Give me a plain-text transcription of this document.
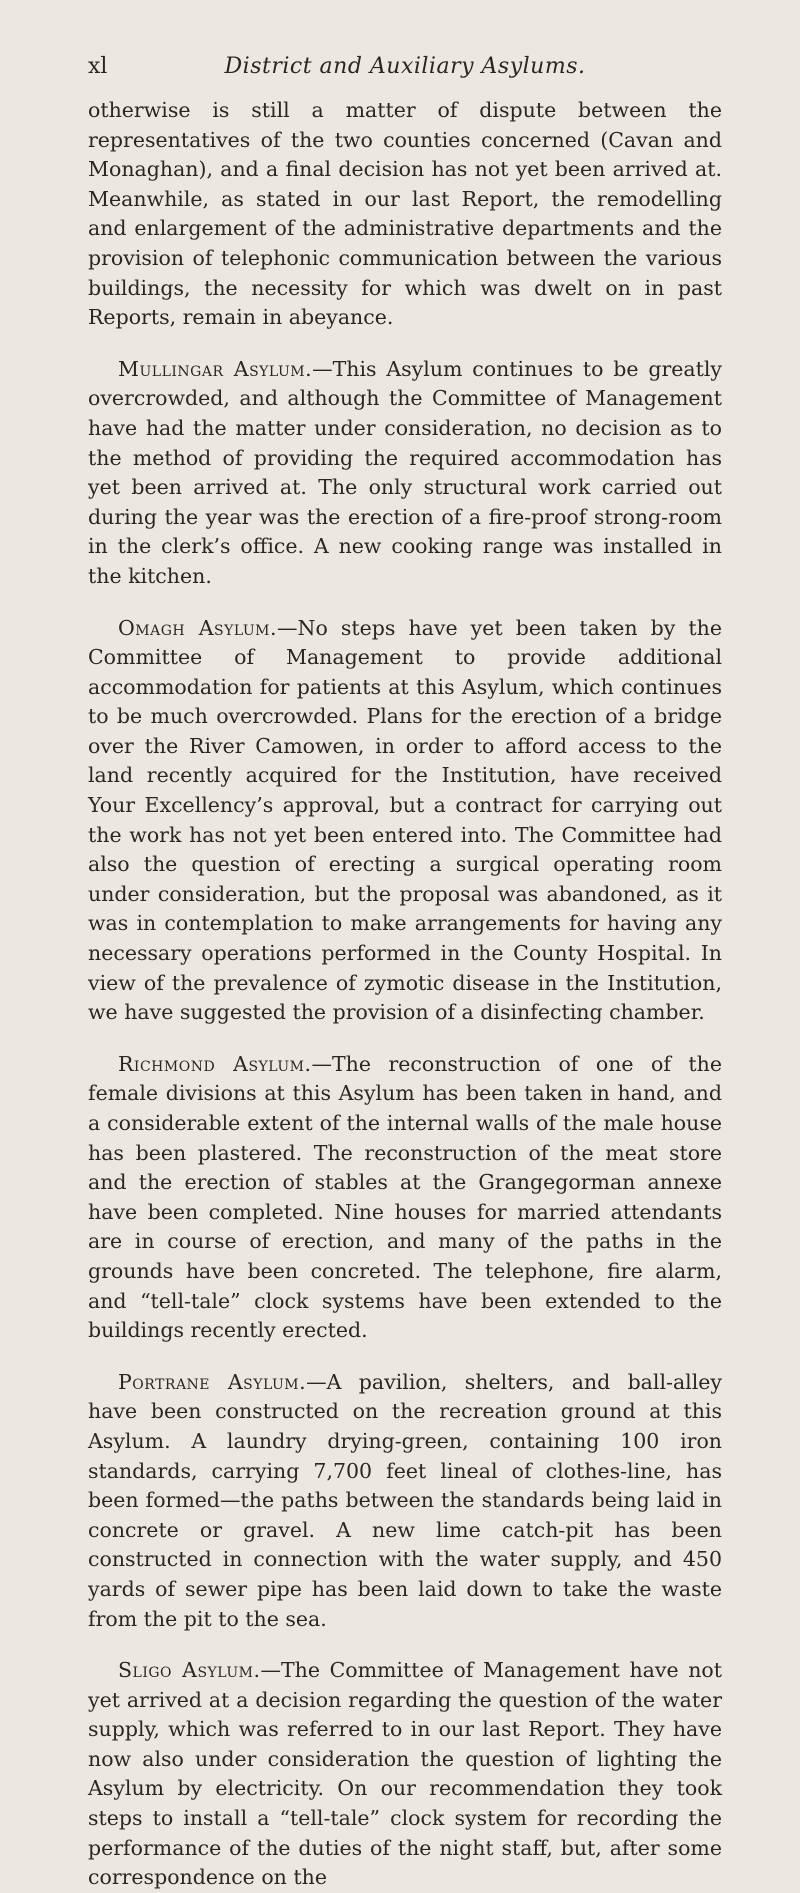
xl	District and Auxiliary Asylums.

otherwise is still a matter of dispute between the representatives of the two counties concerned (Cavan and Monaghan), and a final decision has not yet been arrived at. Meanwhile, as stated in our last Report, the remodelling and enlargement of the administrative departments and the provision of telephonic communication between the various buildings, the necessity for which was dwelt on in past Reports, remain in abeyance.

Mullingar Asylum.—This Asylum continues to be greatly overcrowded, and although the Committee of Management have had the matter under consideration, no decision as to the method of providing the required accommodation has yet been arrived at. The only structural work carried out during the year was the erection of a fire-proof strong-room in the clerk’s office. A new cooking range was installed in the kitchen.

Omagh Asylum.—No steps have yet been taken by the Committee of Management to provide additional accommodation for patients at this Asylum, which continues to be much overcrowded. Plans for the erection of a bridge over the River Camowen, in order to afford access to the land recently acquired for the Institution, have received Your Excellency’s approval, but a contract for carrying out the work has not yet been entered into. The Committee had also the question of erecting a surgical operating room under consideration, but the proposal was abandoned, as it was in contemplation to make arrangements for having any necessary operations performed in the County Hospital. In view of the prevalence of zymotic disease in the Institution, we have suggested the provision of a disinfecting chamber.

Richmond Asylum.—The reconstruction of one of the female divisions at this Asylum has been taken in hand, and a considerable extent of the internal walls of the male house has been plastered. The reconstruction of the meat store and the erection of stables at the Grangegorman annexe have been completed. Nine houses for married attendants are in course of erection, and many of the paths in the grounds have been concreted. The telephone, fire alarm, and “tell-tale” clock systems have been extended to the buildings recently erected.

Portrane Asylum.—A pavilion, shelters, and ball-alley have been constructed on the recreation ground at this Asylum. A laundry drying-green, containing 100 iron standards, carrying 7,700 feet lineal of clothes-line, has been formed—the paths between the standards being laid in concrete or gravel. A new lime catch-pit has been constructed in connection with the water supply, and 450 yards of sewer pipe has been laid down to take the waste from the pit to the sea.

Sligo Asylum.—The Committee of Management have not yet arrived at a decision regarding the question of the water supply, which was referred to in our last Report. They have now also under consideration the question of lighting the Asylum by electricity. On our recommendation they took steps to install a “tell-tale” clock system for recording the performance of the duties of the night staff, but, after some correspondence on the
